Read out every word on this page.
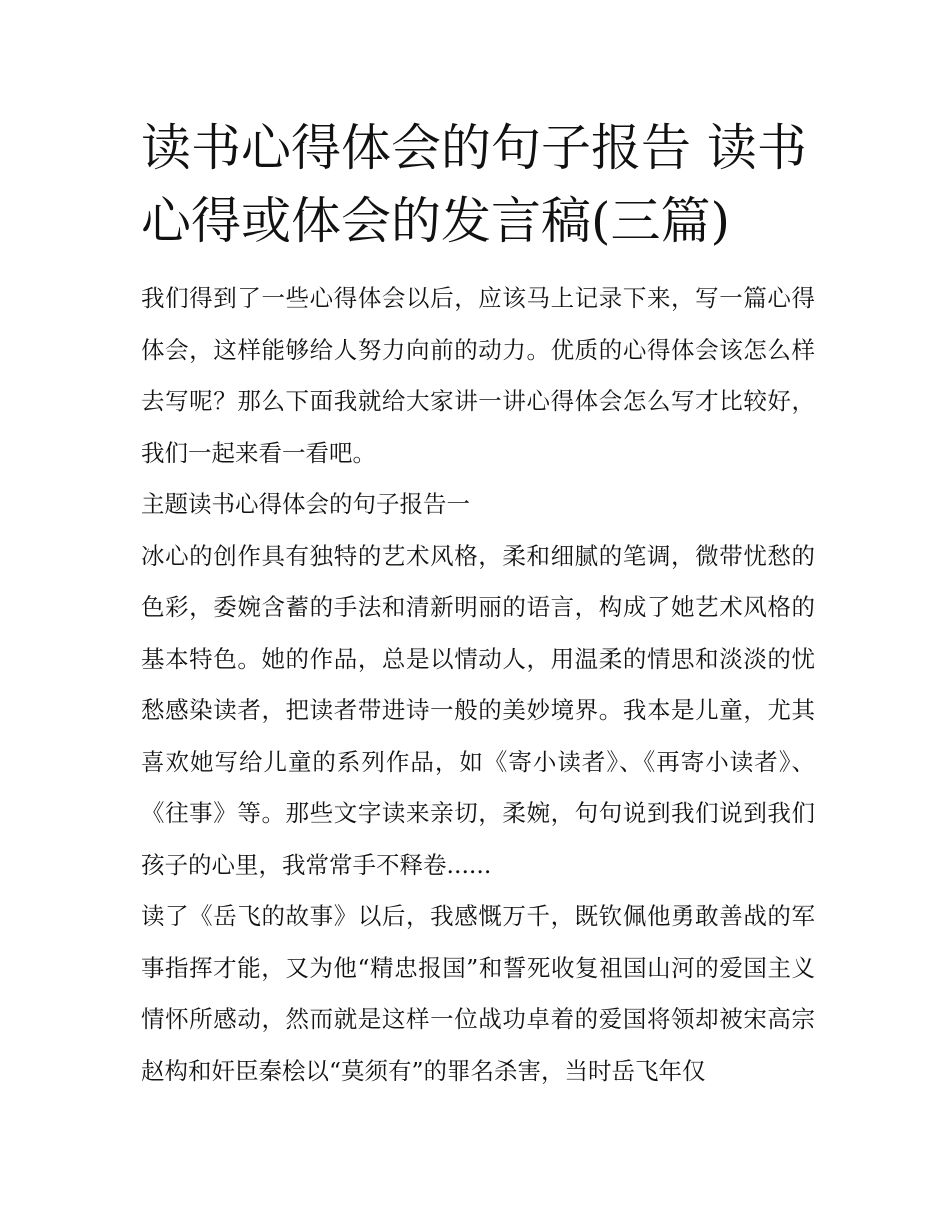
读书心得体会的句子报告 读书心得或体会的发言稿(三篇)

我们得到了一些心得体会以后，应该马上记录下来，写一篇心得体会，这样能够给人努力向前的动力。优质的心得体会该怎么样去写呢？那么下面我就给大家讲一讲心得体会怎么写才比较好，我们一起来看一看吧。

主题读书心得体会的句子报告一

冰心的创作具有独特的艺术风格，柔和细腻的笔调，微带忧愁的色彩，委婉含蓄的手法和清新明丽的语言，构成了她艺术风格的基本特色。她的作品，总是以情动人，用温柔的情思和淡淡的忧愁感染读者，把读者带进诗一般的美妙境界。我本是儿童，尤其喜欢她写给儿童的系列作品，如《寄小读者》、《再寄小读者》、《往事》等。那些文字读来亲切，柔婉，句句说到我们说到我们孩子的心里，我常常手不释卷......

读了《岳飞的故事》以后，我感慨万千，既钦佩他勇敢善战的军事指挥才能，又为他“精忠报国”和誓死收复祖国山河的爱国主义情怀所感动，然而就是这样一位战功卓着的爱国将领却被宋高宗赵构和奸臣秦桧以“莫须有”的罪名杀害，当时岳飞年仅
